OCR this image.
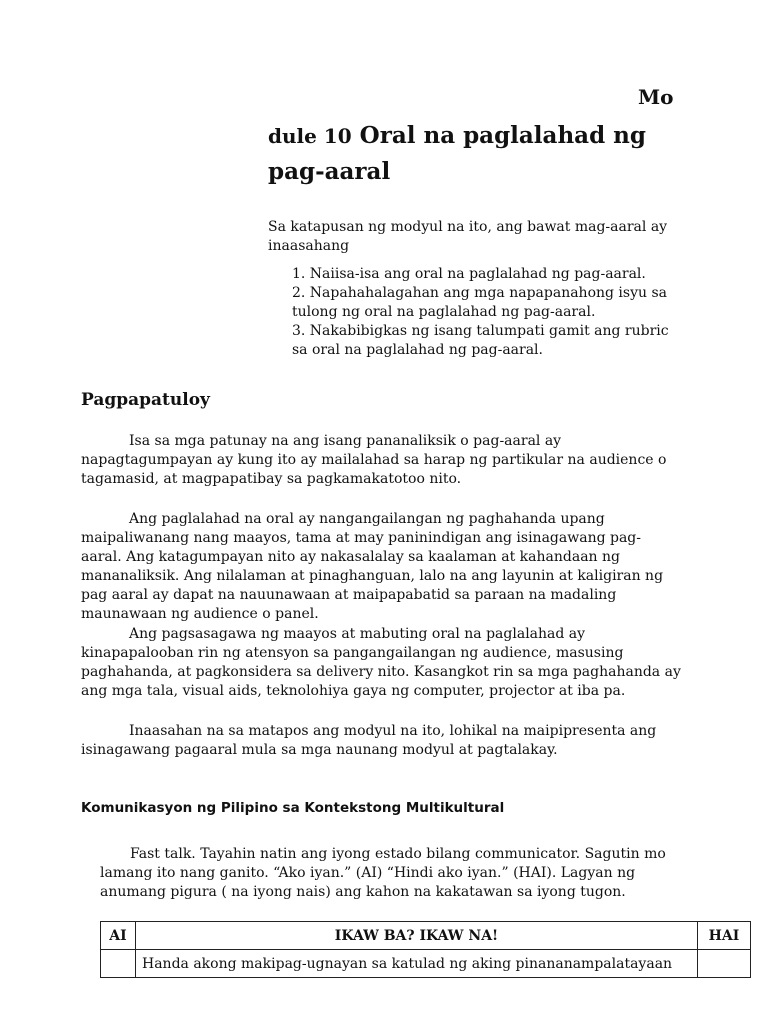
Mo
dule 10 Oral na paglalahad ng pag-aaral
Sa katapusan ng modyul na ito, ang bawat mag-aaral ay inaasahang
1. Naiisa-isa ang oral na paglalahad ng pag-aaral.
2. Napahahalagahan ang mga napapanahong isyu sa tulong ng oral na paglalahad ng pag-aaral.
3. Nakabibigkas ng isang talumpati gamit ang rubric sa oral na paglalahad ng pag-aaral.
Pagpapatuloy

Isa sa mga patunay na ang isang pananaliksik o pag-aaral ay napagtagumpayan ay kung ito ay mailalahad sa harap ng partikular na audience o tagamasid, at magpapatibay sa pagkamakatotoo nito.

Ang paglalahad na oral ay nangangailangan ng paghahanda upang maipaliwanang nang maayos, tama at may paninindigan ang isinagawang pag-aaral. Ang katagumpayan nito ay nakasalalay sa kaalaman at kahandaan ng mananaliksik. Ang nilalaman at pinaghanguan, lalo na ang layunin at kaligiran ng pag aaral ay dapat na nauunawaan at maipapabatid sa paraan na madaling maunawaan ng audience o panel.

Ang pagsasagawa ng maayos at mabuting oral na paglalahad ay kinapapalooban rin ng atensyon sa pangangailangan ng audience, masusing paghahanda, at pagkonsidera sa delivery nito. Kasangkot rin sa mga paghahanda ay ang mga tala, visual aids, teknolohiya gaya ng computer, projector at iba pa.

Inaasahan na sa matapos ang modyul na ito, lohikal na maipipresenta ang isinagawang pagaaral mula sa mga naunang modyul at pagtalakay.

Komunikasyon ng Pilipino sa Kontekstong Multikultural

Fast talk. Tayahin natin ang iyong estado bilang communicator. Sagutin mo lamang ito nang ganito. “Ako iyan.” (AI) “Hindi ako iyan.” (HAI). Lagyan ng anumang pigura ( na iyong nais) ang kahon na kakatawan sa iyong tugon.

AI	IKAW BA? IKAW NA!	HAI
	Handa akong makipag-ugnayan sa katulad ng aking pinananampalatayaan	
